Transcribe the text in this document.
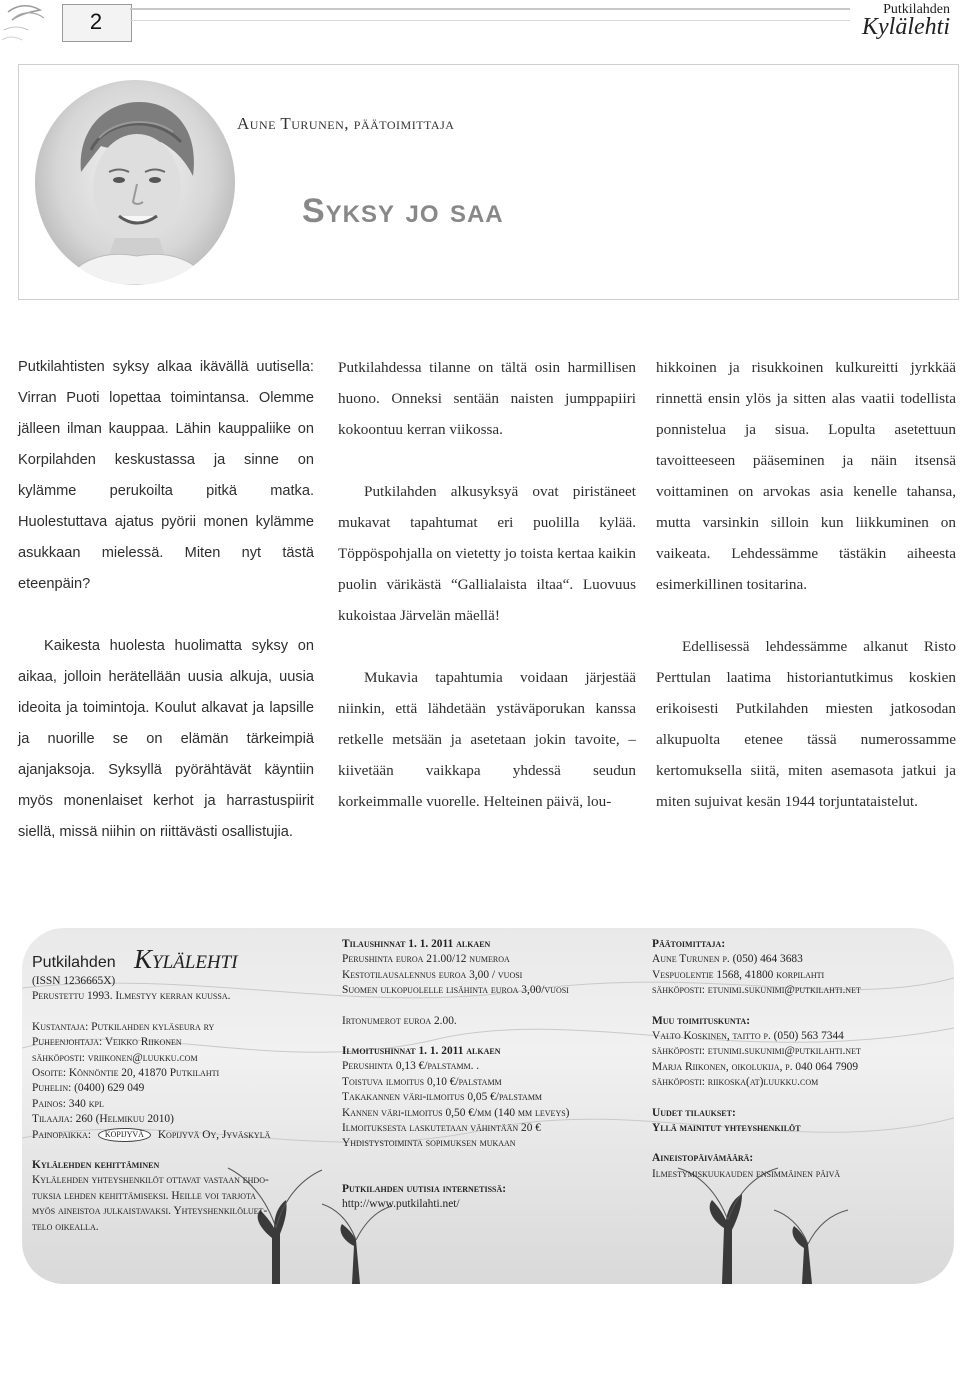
2	Putkilahden
Kylälehti
Aune Turunen, päätoimittaja
Syksy jo saa

Putkilahtisten syksy alkaa ikävällä uutisella: Virran Puoti lopettaa toimintansa. Olemme jälleen ilman kauppaa. Lähin kauppaliike on Korpilahden keskustassa ja sinne on kylämme perukoilta pitkä matka. Huolestuttava ajatus pyörii monen kylämme asukkaan mielessä. Miten nyt tästä eteenpäin?

Kaikesta huolesta huolimatta syksy on aikaa, jolloin herätellään uusia alkuja, uusia ideoita ja toimintoja. Koulut alkavat ja lapsille ja nuorille se on elämän tärkeimpiä ajanjaksoja. Syksyllä pyörähtävät käyntiin myös monenlaiset kerhot ja harrastuspiirit siellä, missä niihin on riittävästi osallistujia.

Putkilahdessa tilanne on tältä osin harmillisen huono. Onneksi sentään naisten jumppapiiri kokoontuu kerran viikossa.

Putkilahden alkusyksyä ovat piristäneet mukavat tapahtumat eri puolilla kylää. Töppöspohjalla on vietetty jo toista kertaa kaikin puolin värikästä “Gallialaista iltaa“. Luovuus kukoistaa Järvelän mäellä!

Mukavia tapahtumia voidaan järjestää niinkin, että lähdetään ystäväporukan kanssa retkelle metsään ja asetetaan jokin tavoite, – kiivetään vaikkapa yhdessä seudun korkeimmalle vuorelle. Helteinen päivä, lou-

hikkoinen ja risukkoinen kulkureitti jyrkkää rinnettä ensin ylös ja sitten alas vaatii todellista ponnistelua ja sisua. Lopulta asetettuun tavoitteeseen pääseminen ja näin itsensä voittaminen on arvokas asia kenelle tahansa, mutta varsinkin silloin kun liikkuminen on vaikeata. Lehdessämme tästäkin aiheesta esimerkillinen tositarina.

Edellisessä lehdessämme alkanut Risto Perttulan laatima historiantutkimus koskien erikoisesti Putkilahden miesten jatkosodan alkupuolta etenee tässä numerossamme kertomuksella siitä, miten asemasota jatkui ja miten sujuivat kesän 1944 torjuntataistelut.

Putkilahden Kylälehti
(ISSN 1236665X)
Perustettu 1993. Ilmestyy kerran kuussa.
Kustantaja: Putkilahden kyläseura ry
Puheenjohtaja: Veikko Riikonen
sähköposti: vriikonen@luukku.com
Osoite: Könnöntie 20, 41870 Putkilahti
Puhelin: (0400) 629 049
Painos: 340 kpl
Tilaajia: 260 (Helmikuu 2010)
Painopaikka: KOPIJYVÄ Kopijyvä Oy, Jyväskylä
Kylälehden kehittäminen
Kylälehden yhteyshenkilöt ottavat vastaan ehdo-
tuksia lehden kehittämiseksi. Heille voi tarjota
myös aineistoa julkaistavaksi. Yhteyshenkilöluet-
telo oikealla.
Tilaushinnat 1. 1. 2011 alkaen
Perushinta euroa 21.00/12 numeroa
Kestotilausalennus euroa 3,00 / vuosi
Suomen ulkopuolelle lisähinta euroa 3,00/vuosi
Irtonumerot euroa 2.00.
Ilmoitushinnat 1. 1. 2011 alkaen
Perushinta 0,13 €/palstamm. .
Toistuva ilmoitus 0,10 €/palstamm
Takakannen väri-ilmoitus 0,05 €/palstamm
Kannen väri-ilmoitus 0,50 €/mm (140 mm leveys)
Ilmoituksesta laskutetaan vähintään 20 €
Yhdistystoiminta sopimuksen mukaan
Putkilahden uutisia internetissä:
http://www.putkilahti.net/
Päätoimittaja:
Aune Turunen p. (050) 464 3683
Vespuolentie 1568, 41800 korpilahti
sähköposti: etunimi.sukunimi@putkilahti.net
Muu toimituskunta:
Valto Koskinen, taitto p. (050) 563 7344
sähköposti: etunimi.sukunimi@putkilahti.net
Marja Riikonen, oikolukija, p. 040 064 7909
sähköposti: riikoska(at)luukku.com
Uudet tilaukset:
Yllä mainitut yhteyshenkilöt
Aineistopäivämäärä:
Ilmestymiskuukauden ensimmäinen päivä
